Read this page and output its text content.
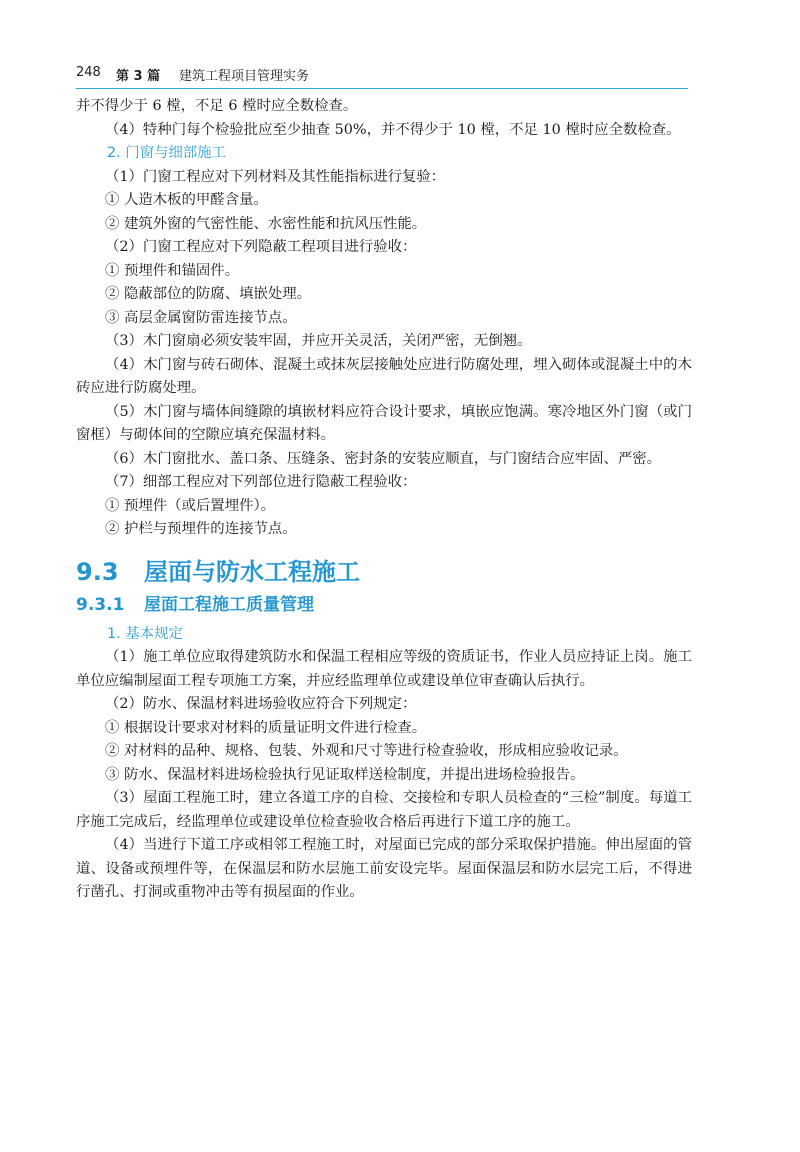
248 第 3 篇 建筑工程项目管理实务

并不得少于 6 樘，不足 6 樘时应全数检查。

（4）特种门每个检验批应至少抽查 50%，并不得少于 10 樘，不足 10 樘时应全数检查。

2. 门窗与细部施工

（1）门窗工程应对下列材料及其性能指标进行复验：

① 人造木板的甲醛含量。

② 建筑外窗的气密性能、水密性能和抗风压性能。

（2）门窗工程应对下列隐蔽工程项目进行验收：

① 预埋件和锚固件。

② 隐蔽部位的防腐、填嵌处理。

③ 高层金属窗防雷连接节点。

（3）木门窗扇必须安装牢固，并应开关灵活，关闭严密，无倒翘。

（4）木门窗与砖石砌体、混凝土或抹灰层接触处应进行防腐处理，埋入砌体或混凝土中的木砖应进行防腐处理。

（5）木门窗与墙体间缝隙的填嵌材料应符合设计要求，填嵌应饱满。寒冷地区外门窗（或门窗框）与砌体间的空隙应填充保温材料。

（6）木门窗批水、盖口条、压缝条、密封条的安装应顺直，与门窗结合应牢固、严密。

（7）细部工程应对下列部位进行隐蔽工程验收：

① 预埋件（或后置埋件）。

② 护栏与预埋件的连接节点。

9.3 屋面与防水工程施工
9.3.1 屋面工程施工质量管理

1. 基本规定

（1）施工单位应取得建筑防水和保温工程相应等级的资质证书，作业人员应持证上岗。施工单位应编制屋面工程专项施工方案，并应经监理单位或建设单位审查确认后执行。

（2）防水、保温材料进场验收应符合下列规定：

① 根据设计要求对材料的质量证明文件进行检查。

② 对材料的品种、规格、包装、外观和尺寸等进行检查验收，形成相应验收记录。

③ 防水、保温材料进场检验执行见证取样送检制度，并提出进场检验报告。

（3）屋面工程施工时，建立各道工序的自检、交接检和专职人员检查的“三检”制度。每道工序施工完成后，经监理单位或建设单位检查验收合格后再进行下道工序的施工。

（4）当进行下道工序或相邻工程施工时，对屋面已完成的部分采取保护措施。伸出屋面的管道、设备或预埋件等，在保温层和防水层施工前安设完毕。屋面保温层和防水层完工后，不得进行凿孔、打洞或重物冲击等有损屋面的作业。
